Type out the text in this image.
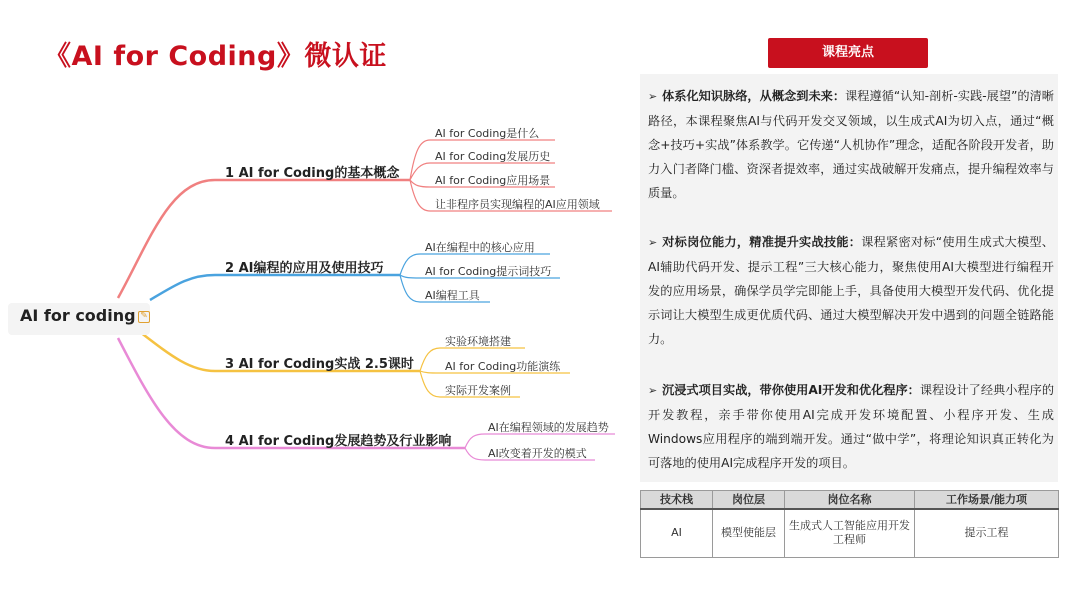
《AI for Coding》微认证
AI for coding ✎
1 AI for Coding的基本概念
AI for Coding是什么
AI for Coding发展历史
AI for Coding应用场景
让非程序员实现编程的AI应用领域
2 AI编程的应用及使用技巧
AI在编程中的核心应用
AI for Coding提示词技巧
AI编程工具
3 AI for Coding实战 2.5课时
实验环境搭建
AI for Coding功能演练
实际开发案例
4 AI for Coding发展趋势及行业影响
AI在编程领域的发展趋势
AI改变着开发的模式
课程亮点
➢ 体系化知识脉络，从概念到未来：课程遵循“认知-剖析-实践-展望”的清晰路径，本课程聚焦AI与代码开发交叉领域，以生成式AI为切入点，通过“概念+技巧+实战”体系教学。它传递“人机协作”理念，适配各阶段开发者，助力入门者降门槛、资深者提效率，通过实战破解开发痛点，提升编程效率与质量。
➢ 对标岗位能力，精准提升实战技能：课程紧密对标“使用生成式大模型、AI辅助代码开发、提示工程”三大核心能力，聚焦使用AI大模型进行编程开发的应用场景，确保学员学完即能上手，具备使用大模型开发代码、优化提示词让大模型生成更优质代码、通过大模型解决开发中遇到的问题全链路能力。
➢ 沉浸式项目实战，带你使用AI开发和优化程序：课程设计了经典小程序的开发教程，亲手带你使用AI完成开发环境配置、小程序开发、生成Windows应用程序的端到端开发。通过“做中学”，将理论知识真正转化为可落地的使用AI完成程序开发的项目。
技术栈	岗位层	岗位名称	工作场景/能力项
AI	模型使能层	生成式人工智能应用开发工程师	提示工程
